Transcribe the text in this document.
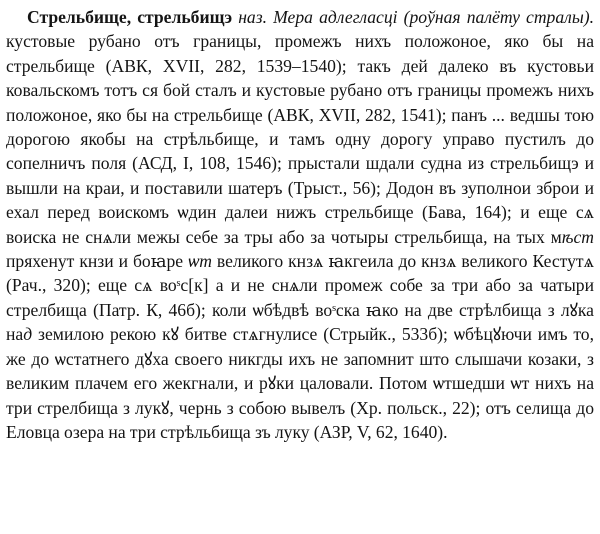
Стрельбище, стрельбищэ наз. Мера адлегласці (роўная палёту стралы). кустовые рубано отъ границы, промежъ нихъ положоное, яко бы на стрельбище (АВК, XVII, 282, 1539–1540); такъ дей далеко въ кустовьи ковальскомъ тотъ ся бой сталъ и кустовые рубано отъ границы промежъ нихъ положоное, яко бы на стрельбище (АВК, XVII, 282, 1541); панъ ... ведшы тою дорогою якобы на стрѣльбище, и тамъ одну дорогу управо пустилъ до сопелничъ поля (АСД, I, 108, 1546); прыстали шдали судна из стрельбищэ и вышли на краи, и поставили шатеръ (Трыст., 56); Додон въ зуполнои зброи и ехал перед воискомъ ѡдин далеи нижъ стрельбище (Бава, 164); и еще сѧ воиска не снѧли межы себе за тры або за чотыры стрельбища, на тых мѣст пряхенут кнзи и боꙗре ѡт великого кнзѧ ꙗкгеила до кнзѧ великого Кестутѧ (Рач., 320); еще сѧ воˢс[к] а и не снѧли промеж собе за три або за чатыри стрелбища (Патр. К, 46б); коли ѡбѣдвѣ воˢска ꙗко на две стрѣлбища з лꙋка над земилою рекою кꙋ битве стѧгнулисе (Стрыйк., 533б); ѡбѣцꙋючи имъ то, же до ѡстатнего дꙋха своего никгды ихъ не запомнит што слышачи козаки, з великим плачем его жекгнали, и рꙋки цаловали. Потом ѡтшедши ѡт нихъ на три стрелбища з лукꙋ, чернь з собою вывелъ (Хр. польск., 22); отъ селища до Еловца озера на три стрѣльбища зъ луку (АЗР, V, 62, 1640).
